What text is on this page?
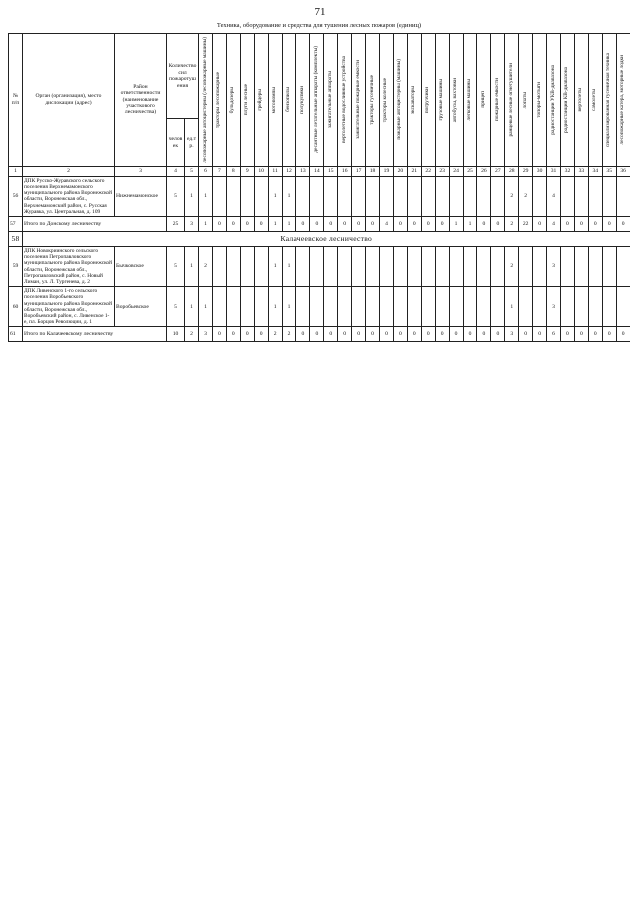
71
Техника, оборудование и средства для тушения лесных пожаров (единиц)
№ п/п	Орган (организация), место дислокации (адрес)	Район ответственности (наименование участкового лесничества)	Количество сил пожаротушения		лесопожарные автоцистерны (лесопожарные машины)	тракторы лесопожарные	бульдозеры	плуги лесные	грейдеры	мотопомпы	бензопилы	полукупмки	десантные летательные аппараты (комплекты)	зажигательные аппараты	вертолетные водосливные устройства	зажигательные пожарные емкости	тракторы гусеничные	тракторы колесные	пожарные автоцистерны (машины)	экскаваторы	погрузчики	грузовые машины	автобусы, вахтовки	легковые машины	прицеп	пожарные емкости	ранцевые лесные огнетушители	лопаты	топоры-мотыги	радиостанции УКВ-диапазона	радиостанции КВ-диапазона	вертолеты	самолеты	специализированная гусеничная техника	лесопожарные катера, моторные лодки

			человек	ед.тр.																															
1	2	3	4	5	6	7	8	9	10	11	12	13	14	15	16	17	18	19	20	21	22	23	24	25	26	27	28	29	30	31	32	33	34	35	36
56	ДПК Русско-Журавского сельского поселения Верхнемамонского муниципального района Воронежской области, Воронежская обл., Верхнемамонский район, с. Русская Журавка, ул. Центральная, д. 109	Нижнемамонское	5	1	1					1	1																2	2		4					
57	Итого по Донскому лесничеству		25	3	1	0	0	0	0	1	1	0	0	0	0	0	0	4	0	0	0	0	1	1	0	0	2	22	0	4	0	0	0	0	0
58	Калачеевское лесничество																																		
59	ДПК Новокриинского сельского поселения Петропавловского муниципального района Воронежской области, Воронежская обл., Петропавловский район, с. Новый Лиман, ул. Л. Тургенева, д. 2	Бычковское	5	1	2					1	1																2			3					
60	ДПК Ливенского 1-го сельского поселения Воробьевского муниципального района Воронежской области, Воронежская обл., Воробьевский район, с. Ливенское 1-е, пл. Борцов Революции, д. 1	Воробьевское	5	1	1					1	1																1			3					
61	Итого по Калачеевскому лесничеству		10	2	3	0	0	0	0	2	2	0	0	0	0	0	0	0	0	0	0	0	0	0	0	0	3	0	0	6	0	0	0	0	0
